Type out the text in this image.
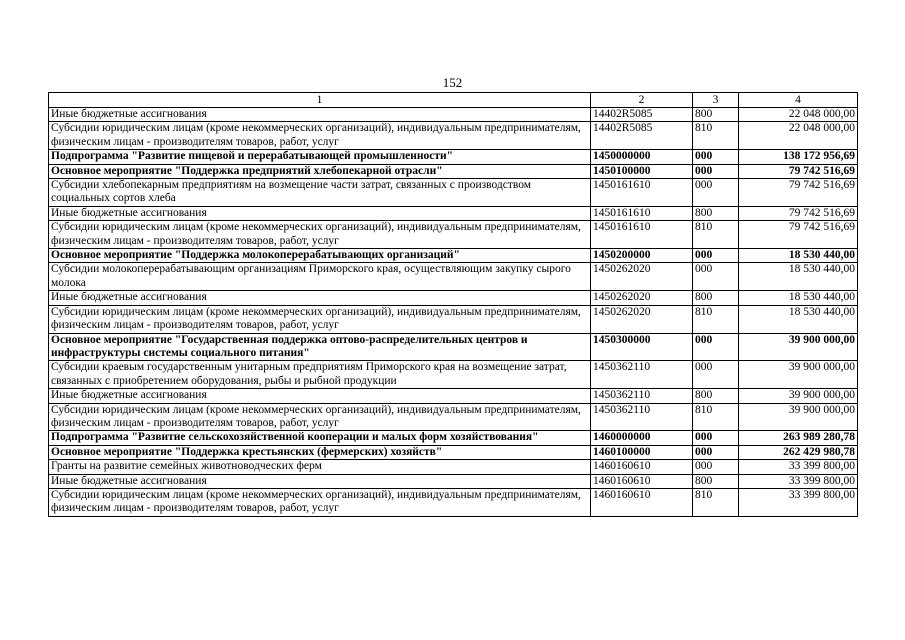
152
1	2	3	4
Иные бюджетные ассигнования	14402R5085	800	22 048 000,00
Субсидии юридическим лицам (кроме некоммерческих организаций), индивидуальным предпринимателям, физическим лицам - производителям товаров, работ, услуг	14402R5085	810	22 048 000,00
Подпрограмма "Развитие пищевой и перерабатывающей промышленности"	1450000000	000	138 172 956,69
Основное мероприятие "Поддержка предприятий хлебопекарной отрасли"	1450100000	000	79 742 516,69
Субсидии хлебопекарным предприятиям на возмещение части затрат, связанных с производством социальных сортов хлеба	1450161610	000	79 742 516,69
Иные бюджетные ассигнования	1450161610	800	79 742 516,69
Субсидии юридическим лицам (кроме некоммерческих организаций), индивидуальным предпринимателям, физическим лицам - производителям товаров, работ, услуг	1450161610	810	79 742 516,69
Основное мероприятие "Поддержка молокоперерабатывающих организаций"	1450200000	000	18 530 440,00
Субсидии молокоперерабатывающим организациям Приморского края, осуществляющим закупку сырого молока	1450262020	000	18 530 440,00
Иные бюджетные ассигнования	1450262020	800	18 530 440,00
Субсидии юридическим лицам (кроме некоммерческих организаций), индивидуальным предпринимателям, физическим лицам - производителям товаров, работ, услуг	1450262020	810	18 530 440,00
Основное мероприятие "Государственная поддержка оптово-распределительных центров и инфраструктуры системы социального питания"	1450300000	000	39 900 000,00
Субсидии краевым государственным унитарным предприятиям Приморского края на возмещение затрат, связанных с приобретением оборудования, рыбы и рыбной продукции	1450362110	000	39 900 000,00
Иные бюджетные ассигнования	1450362110	800	39 900 000,00
Субсидии юридическим лицам (кроме некоммерческих организаций), индивидуальным предпринимателям, физическим лицам - производителям товаров, работ, услуг	1450362110	810	39 900 000,00
Подпрограмма "Развитие сельскохозяйственной кооперации и малых форм хозяйствования"	1460000000	000	263 989 280,78
Основное мероприятие "Поддержка крестьянских (фермерских) хозяйств"	1460100000	000	262 429 980,78
Гранты на развитие семейных животноводческих ферм	1460160610	000	33 399 800,00
Иные бюджетные ассигнования	1460160610	800	33 399 800,00
Субсидии юридическим лицам (кроме некоммерческих организаций), индивидуальным предпринимателям, физическим лицам - производителям товаров, работ, услуг	1460160610	810	33 399 800,00
